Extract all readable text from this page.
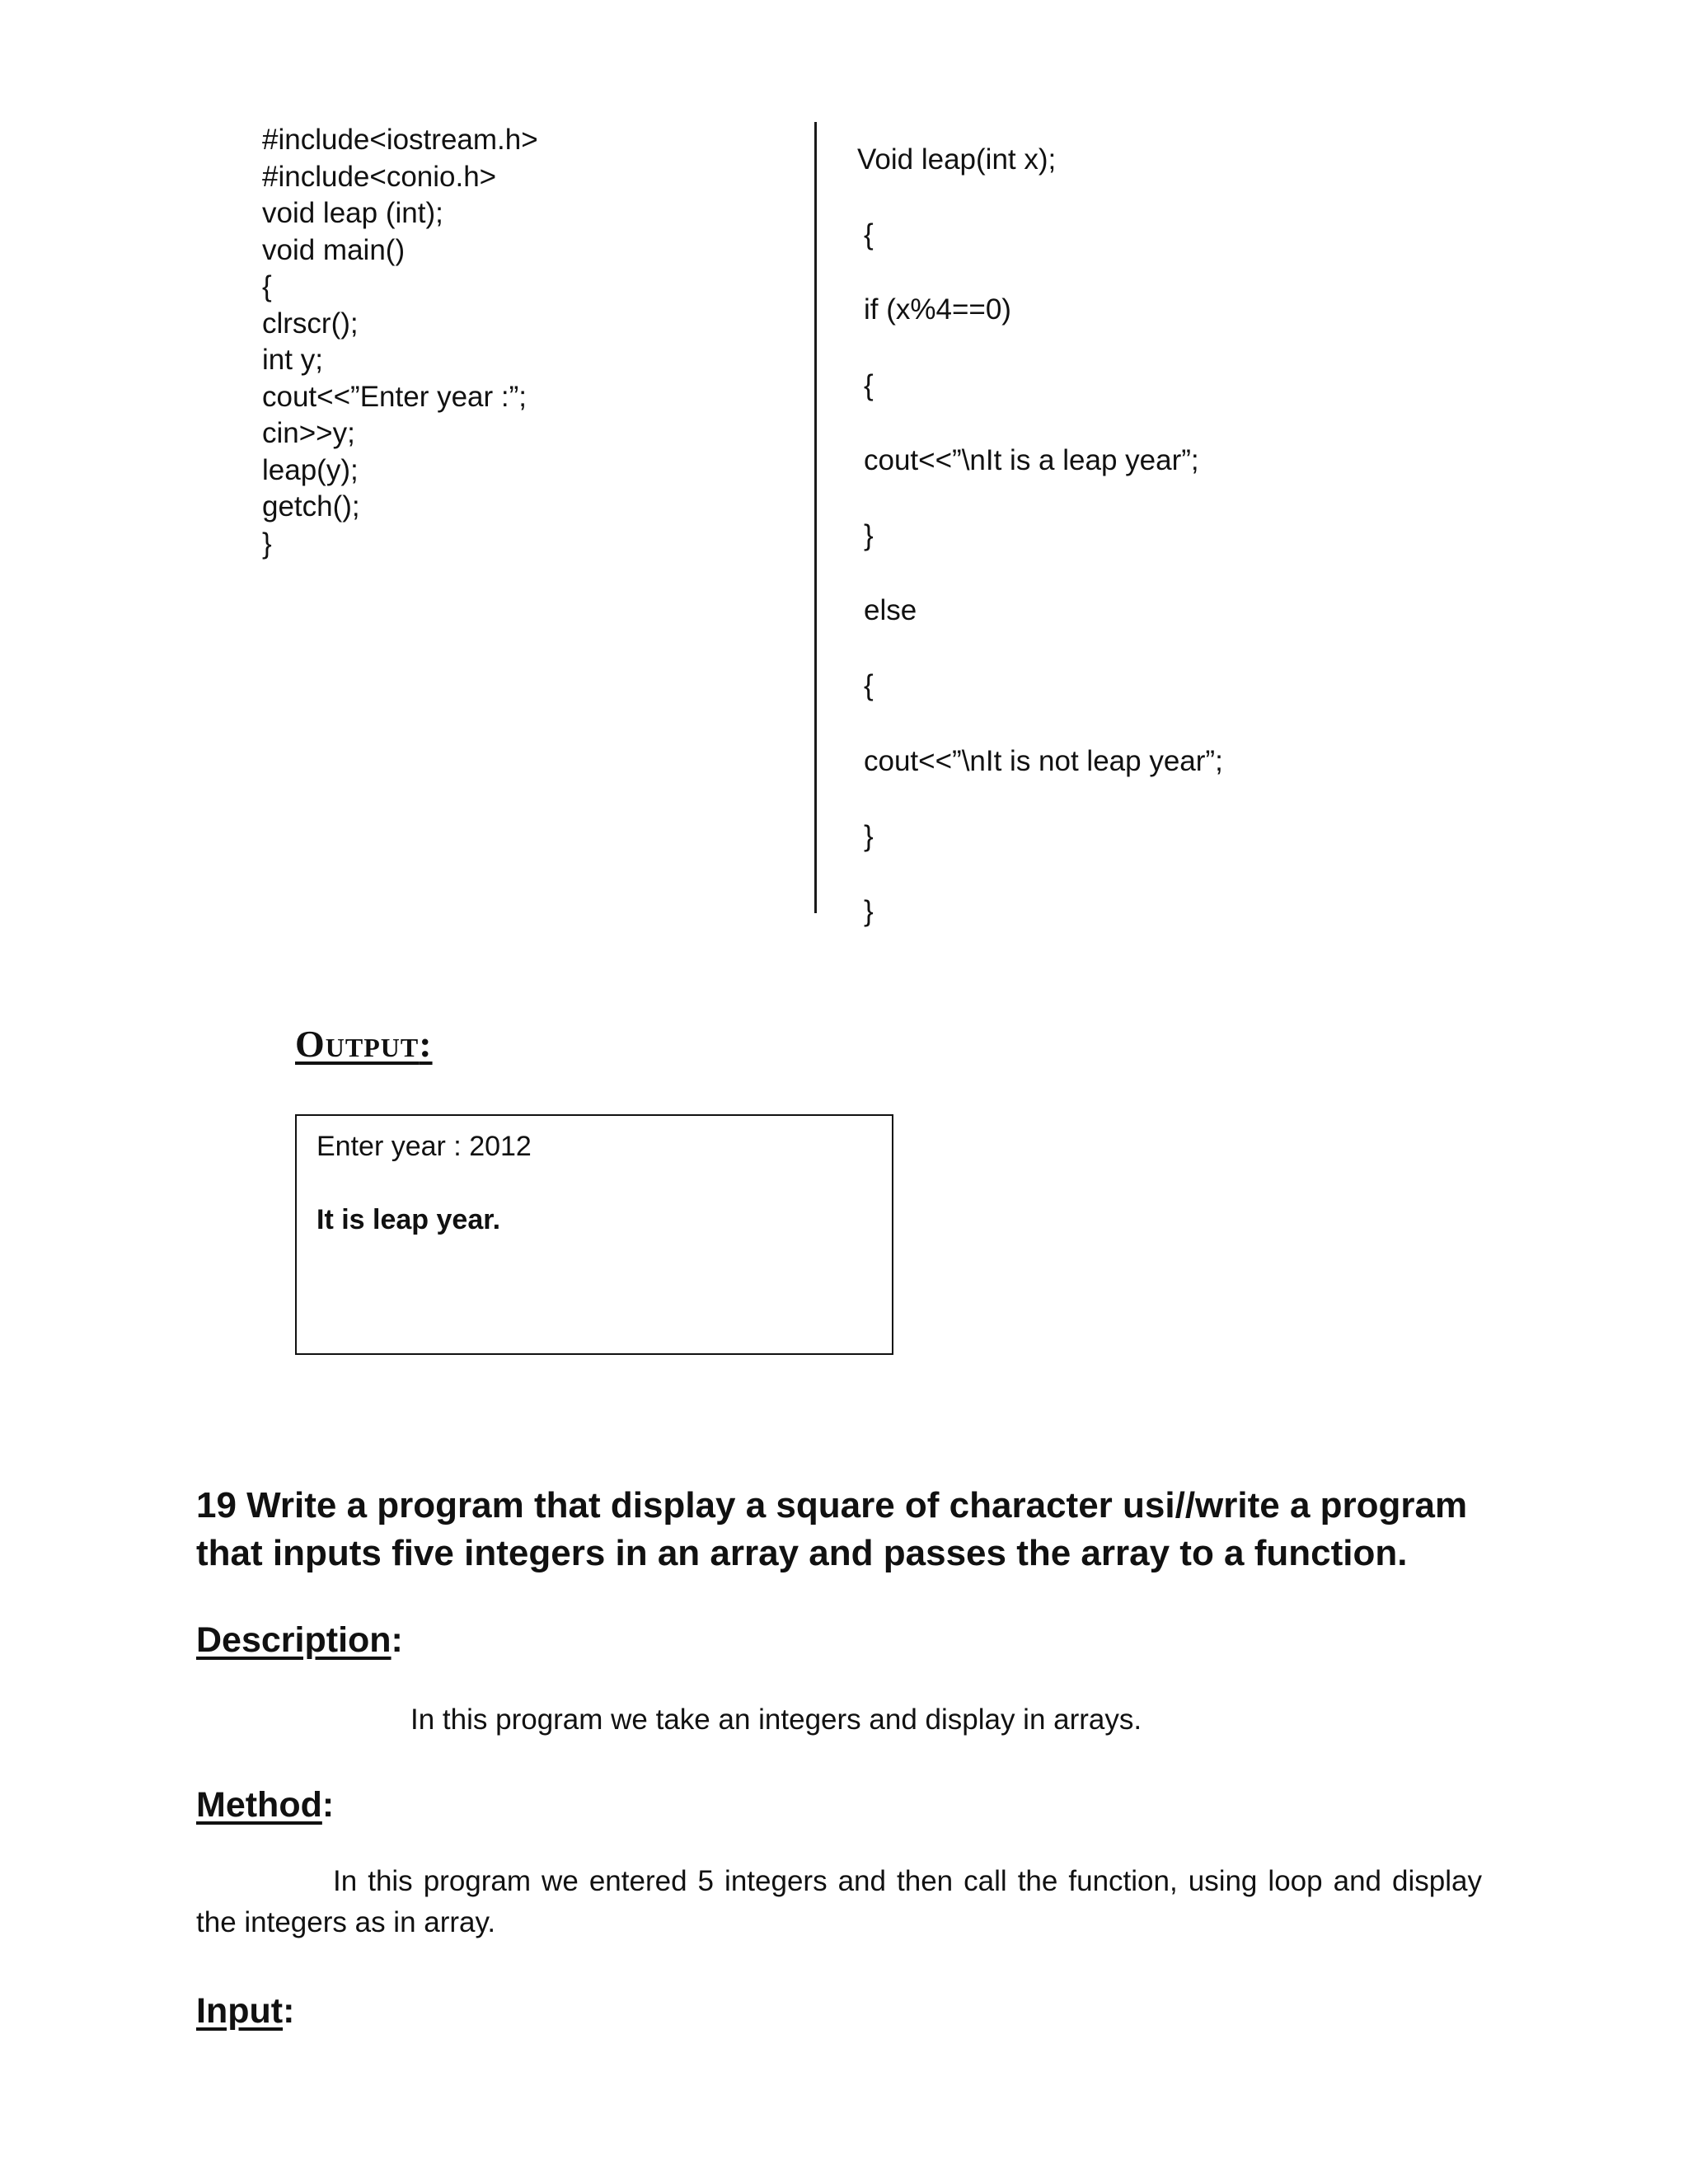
#include<iostream.h>
#include<conio.h>
void leap (int);
void main()
{
clrscr();
int y;
cout<<”Enter year :”;
cin>>y;
leap(y);
getch();
}
Void leap(int x);
{
if (x%4==0)
{
cout<<”\nIt is a leap year”;
}
else
{
cout<<”\nIt is not leap year”;
}
}
Output:
Enter year : 2012
It is leap year.
19 Write a program that display a square of character usi//write a program that inputs five integers in an array and passes the array to a function.
Description:
In this program we take an integers and display in arrays.
Method:
In this program we entered 5 integers and then call the function, using loop and display the integers as in array.
Input:
